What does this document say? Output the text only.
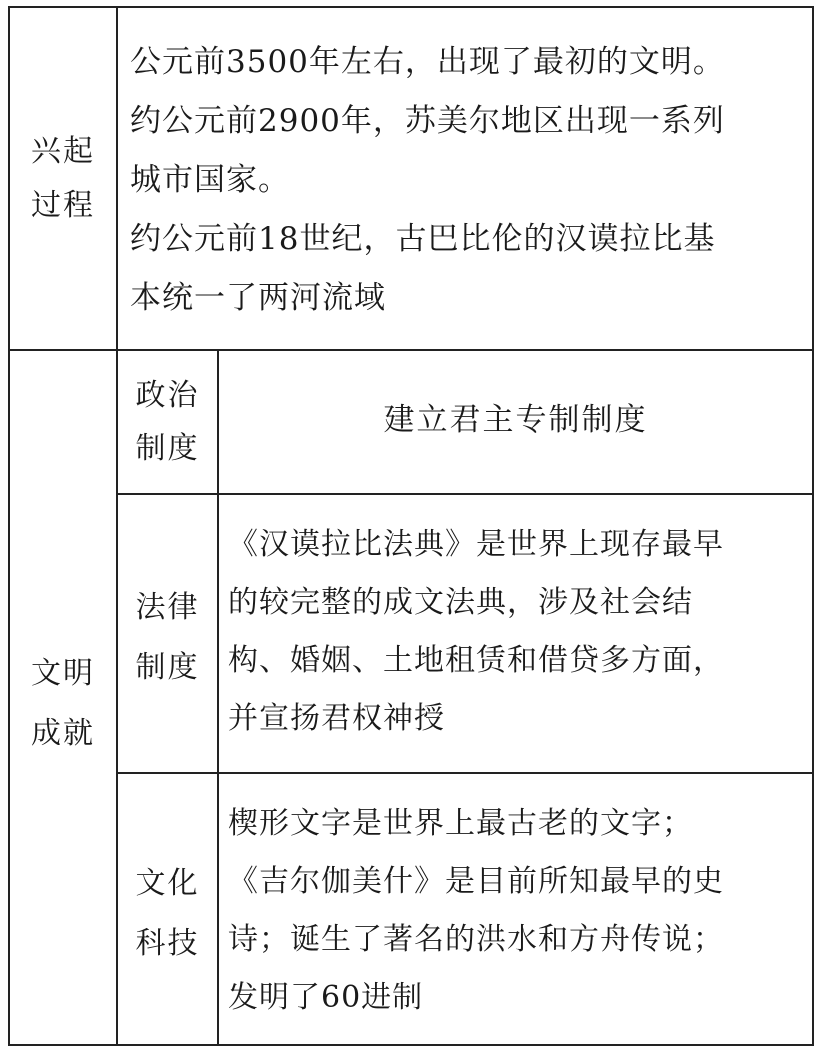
兴起
过程

公元前3500年左右，出现了最初的文明。

约公元前2900年，苏美尔地区出现一系列

城市国家。

约公元前18世纪，古巴比伦的汉谟拉比基

本统一了两河流域

文明
成就
政治
制度
建立君主专制制度
法律
制度

《汉谟拉比法典》是世界上现存最早

的较完整的成文法典，涉及社会结

构、婚姻、土地租赁和借贷多方面，

并宣扬君权神授

文化
科技

楔形文字是世界上最古老的文字；

《吉尔伽美什》是目前所知最早的史

诗；诞生了著名的洪水和方舟传说；

发明了60进制
